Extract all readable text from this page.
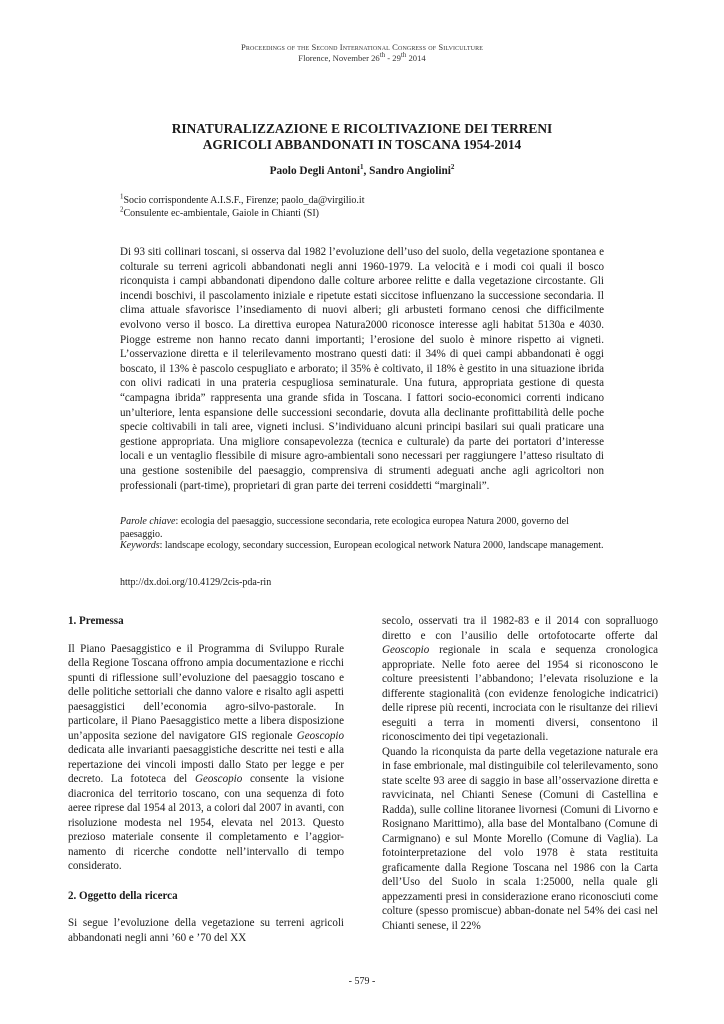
Proceedings of the Second International Congress of Silviculture
Florence, November 26th - 29th 2014
RINATURALIZZAZIONE E RICOLTIVAZIONE DEI TERRENI
AGRICOLI ABBANDONATI IN TOSCANA 1954-2014
Paolo Degli Antoni$^1$, Sandro Angiolini$^2$
$^1$Socio corrispondente A.I.S.F., Firenze; paolo_da@virgilio.it
$^2$Consulente ec-ambientale, Gaiole in Chianti (SI)
Di 93 siti collinari toscani, si osserva dal 1982 l’evoluzione dell’uso del suolo, della vegetazione spontanea e colturale su terreni agricoli abbandonati negli anni 1960-1979. La velocità e i modi coi quali il bosco riconquista i campi abbandonati dipendono dalle colture arboree relitte e dalla vegetazione circostante. Gli incendi boschivi, il pascolamento iniziale e ripetute estati siccitose influenzano la successione secondaria. Il clima attuale sfavorisce l’insediamento di nuovi alberi; gli arbusteti formano cenosi che difficilmente evolvono verso il bosco. La direttiva europea Natura2000 riconosce interesse agli habitat 5130a e 4030. Piogge estreme non hanno recato danni importanti; l’erosione del suolo è minore rispetto ai vigneti. L’osservazione diretta e il telerilevamento mostrano questi dati: il 34% di quei campi abbandonati è oggi boscato, il 13% è pascolo cespugliato e arborato; il 35% è coltivato, il 18% è gestito in una situazione ibrida con olivi radicati in una prateria cespugliosa seminaturale. Una futura, appropriata gestione di questa “campagna ibrida” rappresenta una grande sfida in Toscana. I fattori socio-economici correnti indicano un’ulteriore, lenta espansione delle successioni secondarie, dovuta alla declinante profittabilità delle poche specie coltivabili in tali aree, vigneti inclusi. S’individuano alcuni principi basilari sui quali praticare una gestione appropriata. Una migliore consapevolezza (tecnica e culturale) da parte dei portatori d’interesse locali e un ventaglio flessibile di misure agro-ambientali sono necessari per raggiungere l’atteso risultato di una gestione sostenibile del paesaggio, comprensiva di strumenti adeguati anche agli agricoltori non professionali (part-time), proprietari di gran parte dei terreni cosiddetti “marginali”.
Parole chiave: ecologia del paesaggio, successione secondaria, rete ecologica europea Natura 2000, governo del paesaggio.
Keywords: landscape ecology, secondary succession, European ecological network Natura 2000, landscape management.
http://dx.doi.org/10.4129/2cis-pda-rin

1. Premessa

Il Piano Paesaggistico e il Programma di Sviluppo Rurale della Regione Toscana offrono ampia documentazione e ricchi spunti di riflessione sull’evoluzione del paesaggio toscano e delle politiche settoriali che danno valore e risalto agli aspetti paesaggistici dell’economia agro-silvo-pastorale. In particolare, il Piano Paesaggistico mette a libera disposizione un’apposita sezione del navigatore GIS regionale Geoscopio dedicata alle invarianti paesaggistiche descritte nei testi e alla repertazione dei vincoli imposti dallo Stato per legge e per decreto. La fototeca del Geoscopio consente la visione diacronica del territorio toscano, con una sequenza di foto aeree riprese dal 1954 al 2013, a colori dal 2007 in avanti, con risoluzione modesta nel 1954, elevata nel 2013. Questo prezioso materiale consente il completamento e l’aggior-namento di ricerche condotte nell’intervallo di tempo considerato.

2. Oggetto della ricerca

Si segue l’evoluzione della vegetazione su terreni agricoli abbandonati negli anni ’60 e ’70 del XX

secolo, osservati tra il 1982-83 e il 2014 con sopralluogo diretto e con l’ausilio delle ortofotocarte offerte dal Geoscopio regionale in scala e sequenza cronologica appropriate. Nelle foto aeree del 1954 si riconoscono le colture preesistenti l’abbandono; l’elevata risoluzione e la differente stagionalità (con evidenze fenologiche indicatrici) delle riprese più recenti, incrociata con le risultanze dei rilievi eseguiti a terra in momenti diversi, consentono il riconoscimento dei tipi vegetazionali.

Quando la riconquista da parte della vegetazione naturale era in fase embrionale, mal distinguibile col telerilevamento, sono state scelte 93 aree di saggio in base all’osservazione diretta e ravvicinata, nel Chianti Senese (Comuni di Castellina e Radda), sulle colline litoranee livornesi (Comuni di Livorno e Rosignano Marittimo), alla base del Montalbano (Comune di Carmignano) e sul Monte Morello (Comune di Vaglia). La fotointerpretazione del volo 1978 è stata restituita graficamente dalla Regione Toscana nel 1986 con la Carta dell’Uso del Suolo in scala 1:25000, nella quale gli appezzamenti presi in considerazione erano riconosciuti come colture (spesso promiscue) abban-donate nel 54% dei casi nel Chianti senese, il 22%

- 579 -
